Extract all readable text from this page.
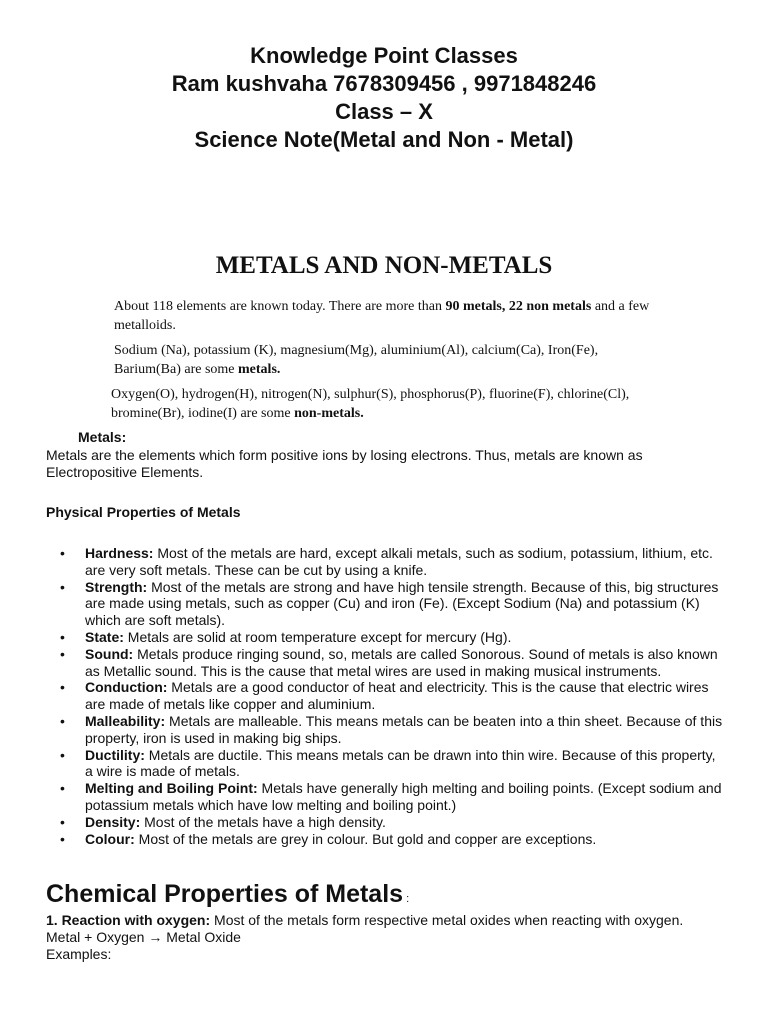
Knowledge Point Classes
Ram kushvaha 7678309456 , 9971848246
Class – X
Science Note(Metal and Non - Metal)
METALS AND NON-METALS
About 118 elements are known today. There are more than 90 metals, 22 non metals and a few metalloids.
Sodium (Na), potassium (K), magnesium(Mg), aluminium(Al), calcium(Ca), Iron(Fe), Barium(Ba) are some metals.
Oxygen(O), hydrogen(H), nitrogen(N), sulphur(S), phosphorus(P), fluorine(F), chlorine(Cl), bromine(Br), iodine(I) are some non-metals.
Metals:
Metals are the elements which form positive ions by losing electrons. Thus, metals are known as Electropositive Elements.
Physical Properties of Metals
• Hardness: Most of the metals are hard, except alkali metals, such as sodium, potassium, lithium, etc. are very soft metals. These can be cut by using a knife.
• Strength: Most of the metals are strong and have high tensile strength. Because of this, big structures are made using metals, such as copper (Cu) and iron (Fe). (Except Sodium (Na) and potassium (K) which are soft metals).
• State: Metals are solid at room temperature except for mercury (Hg).
• Sound: Metals produce ringing sound, so, metals are called Sonorous. Sound of metals is also known as Metallic sound. This is the cause that metal wires are used in making musical instruments.
• Conduction: Metals are a good conductor of heat and electricity. This is the cause that electric wires are made of metals like copper and aluminium.
• Malleability: Metals are malleable. This means metals can be beaten into a thin sheet. Because of this property, iron is used in making big ships.
• Ductility: Metals are ductile. This means metals can be drawn into thin wire. Because of this property, a wire is made of metals.
• Melting and Boiling Point: Metals have generally high melting and boiling points. (Except sodium and potassium metals which have low melting and boiling point.)
• Density: Most of the metals have a high density.
• Colour: Most of the metals are grey in colour. But gold and copper are exceptions.
Chemical Properties of Metals :
1. Reaction with oxygen: Most of the metals form respective metal oxides when reacting with oxygen.
Metal + Oxygen → Metal Oxide
Examples:
